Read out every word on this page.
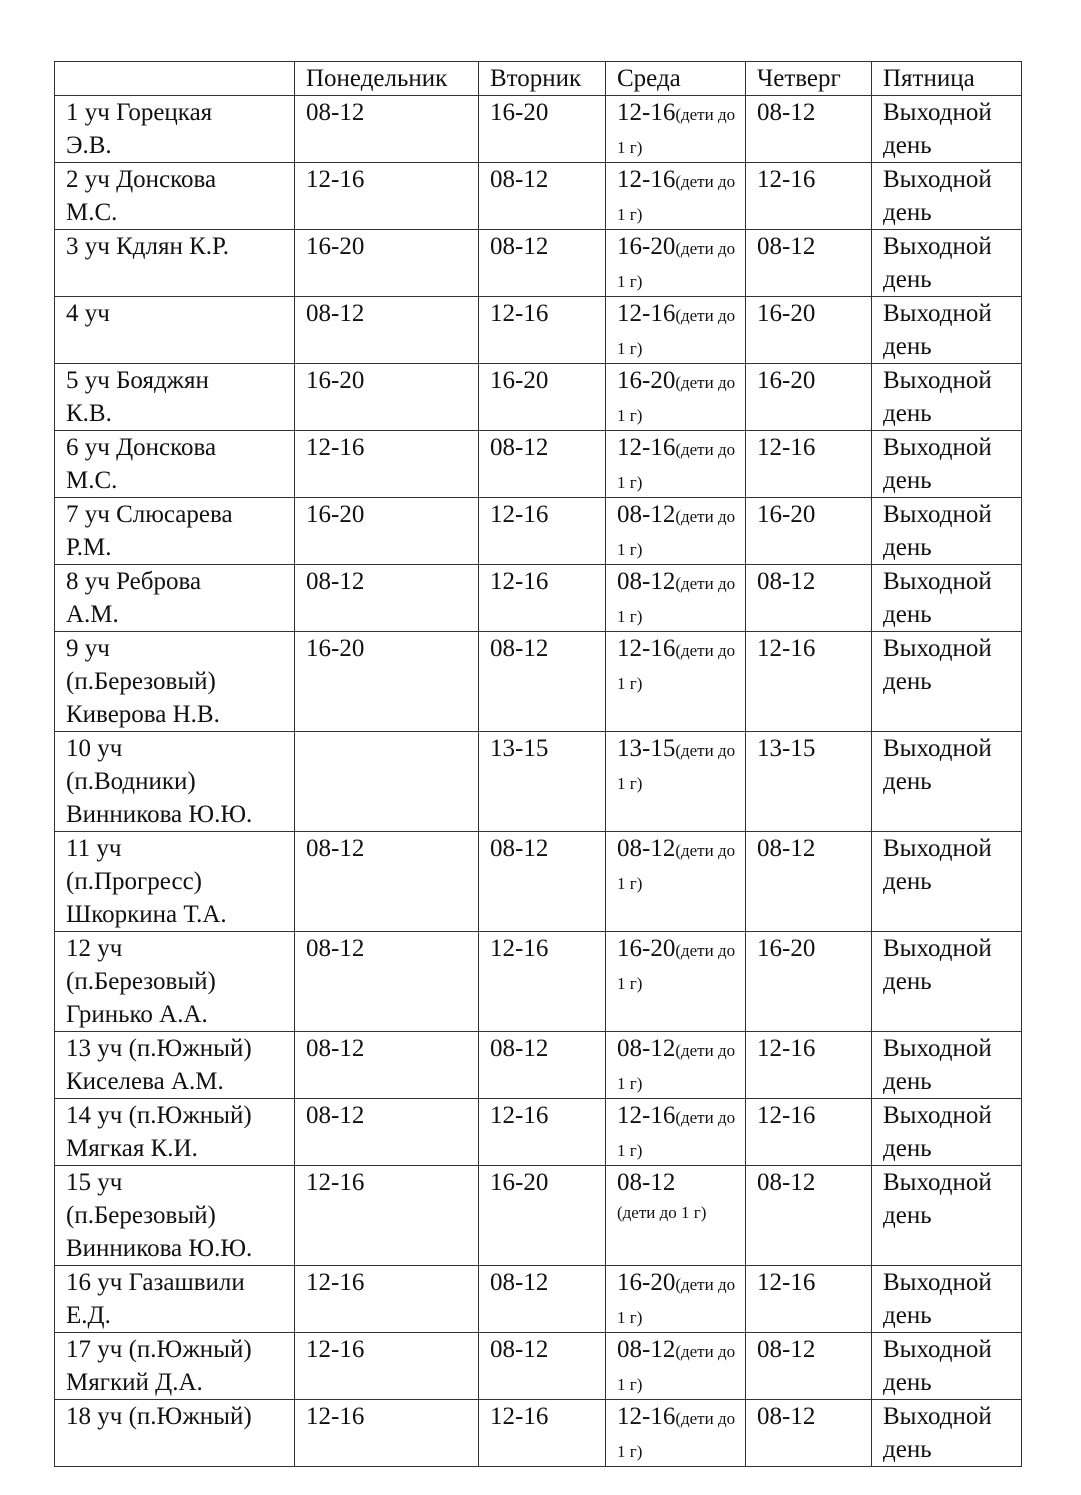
	Понедельник	Вторник	Среда	Четверг	Пятница

1 уч Горецкая
Э.В.	08-12	16-20	12-16(дети до 1 г)	08-12	Выходной
день

2 уч Донскова
М.С.	12-16	08-12	12-16(дети до 1 г)	12-16	Выходной
день

3 уч Кдлян К.Р.	16-20	08-12	16-20(дети до 1 г)	08-12	Выходной
день

4 уч	08-12	12-16	12-16(дети до 1 г)	16-20	Выходной
день

5 уч Бояджян
К.В.	16-20	16-20	16-20(дети до 1 г)	16-20	Выходной
день

6 уч Донскова
М.С.	12-16	08-12	12-16(дети до 1 г)	12-16	Выходной
день

7 уч Слюсарева
Р.М.	16-20	12-16	08-12(дети до 1 г)	16-20	Выходной
день

8 уч Реброва
А.М.	08-12	12-16	08-12(дети до 1 г)	08-12	Выходной
день

9 уч
(п.Березовый)
Киверова Н.В.	16-20	08-12	12-16(дети до 1 г)	12-16	Выходной
день

10 уч
(п.Водники)
Винникова Ю.Ю.		13-15	13-15(дети до 1 г)	13-15	Выходной
день

11 уч
(п.Прогресс)
Шкоркина Т.А.	08-12	08-12	08-12(дети до 1 г)	08-12	Выходной
день

12 уч
(п.Березовый)
Гринько А.А.	08-12	12-16	16-20(дети до 1 г)	16-20	Выходной
день

13 уч (п.Южный)
Киселева А.М.	08-12	08-12	08-12(дети до 1 г)	12-16	Выходной
день

14 уч (п.Южный)
Мягкая К.И.	08-12	12-16	12-16(дети до 1 г)	12-16	Выходной
день

15 уч
(п.Березовый)
Винникова Ю.Ю.	12-16	16-20	08-12
(дети до 1 г)	08-12	Выходной
день

16 уч Газашвили
Е.Д.	12-16	08-12	16-20(дети до 1 г)	12-16	Выходной
день

17 уч (п.Южный)
Мягкий Д.А.	12-16	08-12	08-12(дети до 1 г)	08-12	Выходной
день

18 уч (п.Южный)	12-16	12-16	12-16(дети до 1 г)	08-12	Выходной
день
